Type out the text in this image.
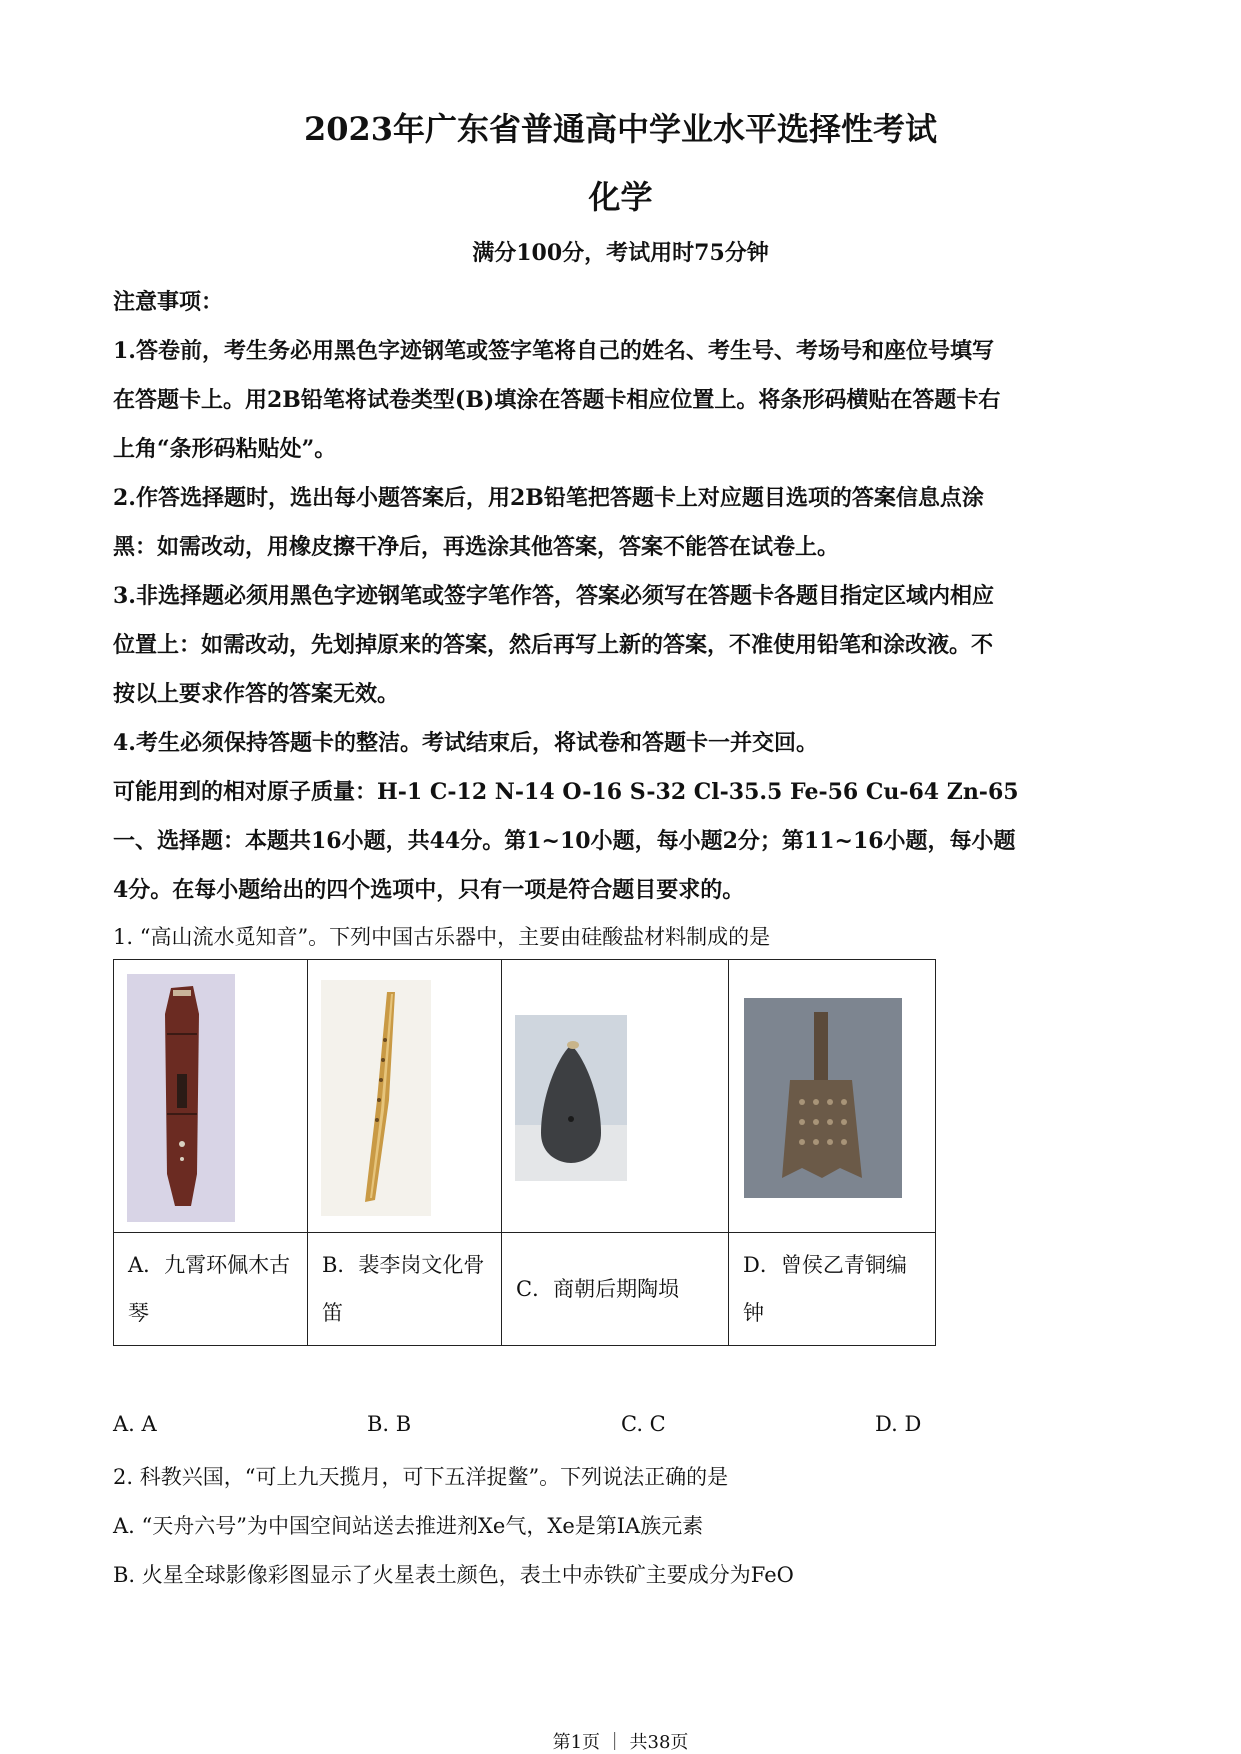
2023年广东省普通高中学业水平选择性考试
化学
满分100分，考试用时75分钟
注意事项：
1.答卷前，考生务必用黑色字迹钢笔或签字笔将自己的姓名、考生号、考场号和座位号填写
在答题卡上。用2B铅笔将试卷类型(B)填涂在答题卡相应位置上。将条形码横贴在答题卡右
上角“条形码粘贴处”。
2.作答选择题时，选出每小题答案后，用2B铅笔把答题卡上对应题目选项的答案信息点涂
黑：如需改动，用橡皮擦干净后，再选涂其他答案，答案不能答在试卷上。
3.非选择题必须用黑色字迹钢笔或签字笔作答，答案必须写在答题卡各题目指定区域内相应
位置上：如需改动，先划掉原来的答案，然后再写上新的答案，不准使用铅笔和涂改液。不
按以上要求作答的答案无效。
4.考生必须保持答题卡的整洁。考试结束后，将试卷和答题卡一并交回。
可能用到的相对原子质量：H-1 C-12 N-14 O-16 S-32 Cl-35.5 Fe-56 Cu-64 Zn-65
一、选择题：本题共16小题，共44分。第1~10小题，每小题2分；第11~16小题，每小题
4分。在每小题给出的四个选项中，只有一项是符合题目要求的。
1. “高山流水觅知音”。下列中国古乐器中，主要由硅酸盐材料制成的是

A．九霄环佩木古琴	B．裴李岗文化骨笛	C．商朝后期陶埙	D．曾侯乙青铜编钟
A. A	B. B	C. C	D. D
2. 科教兴国，“可上九天揽月，可下五洋捉鳖”。下列说法正确的是
A. “天舟六号”为中国空间站送去推进剂Xe气，Xe是第IA族元素
B. 火星全球影像彩图显示了火星表土颜色，表土中赤铁矿主要成分为FeO
第1页 ｜ 共38页
